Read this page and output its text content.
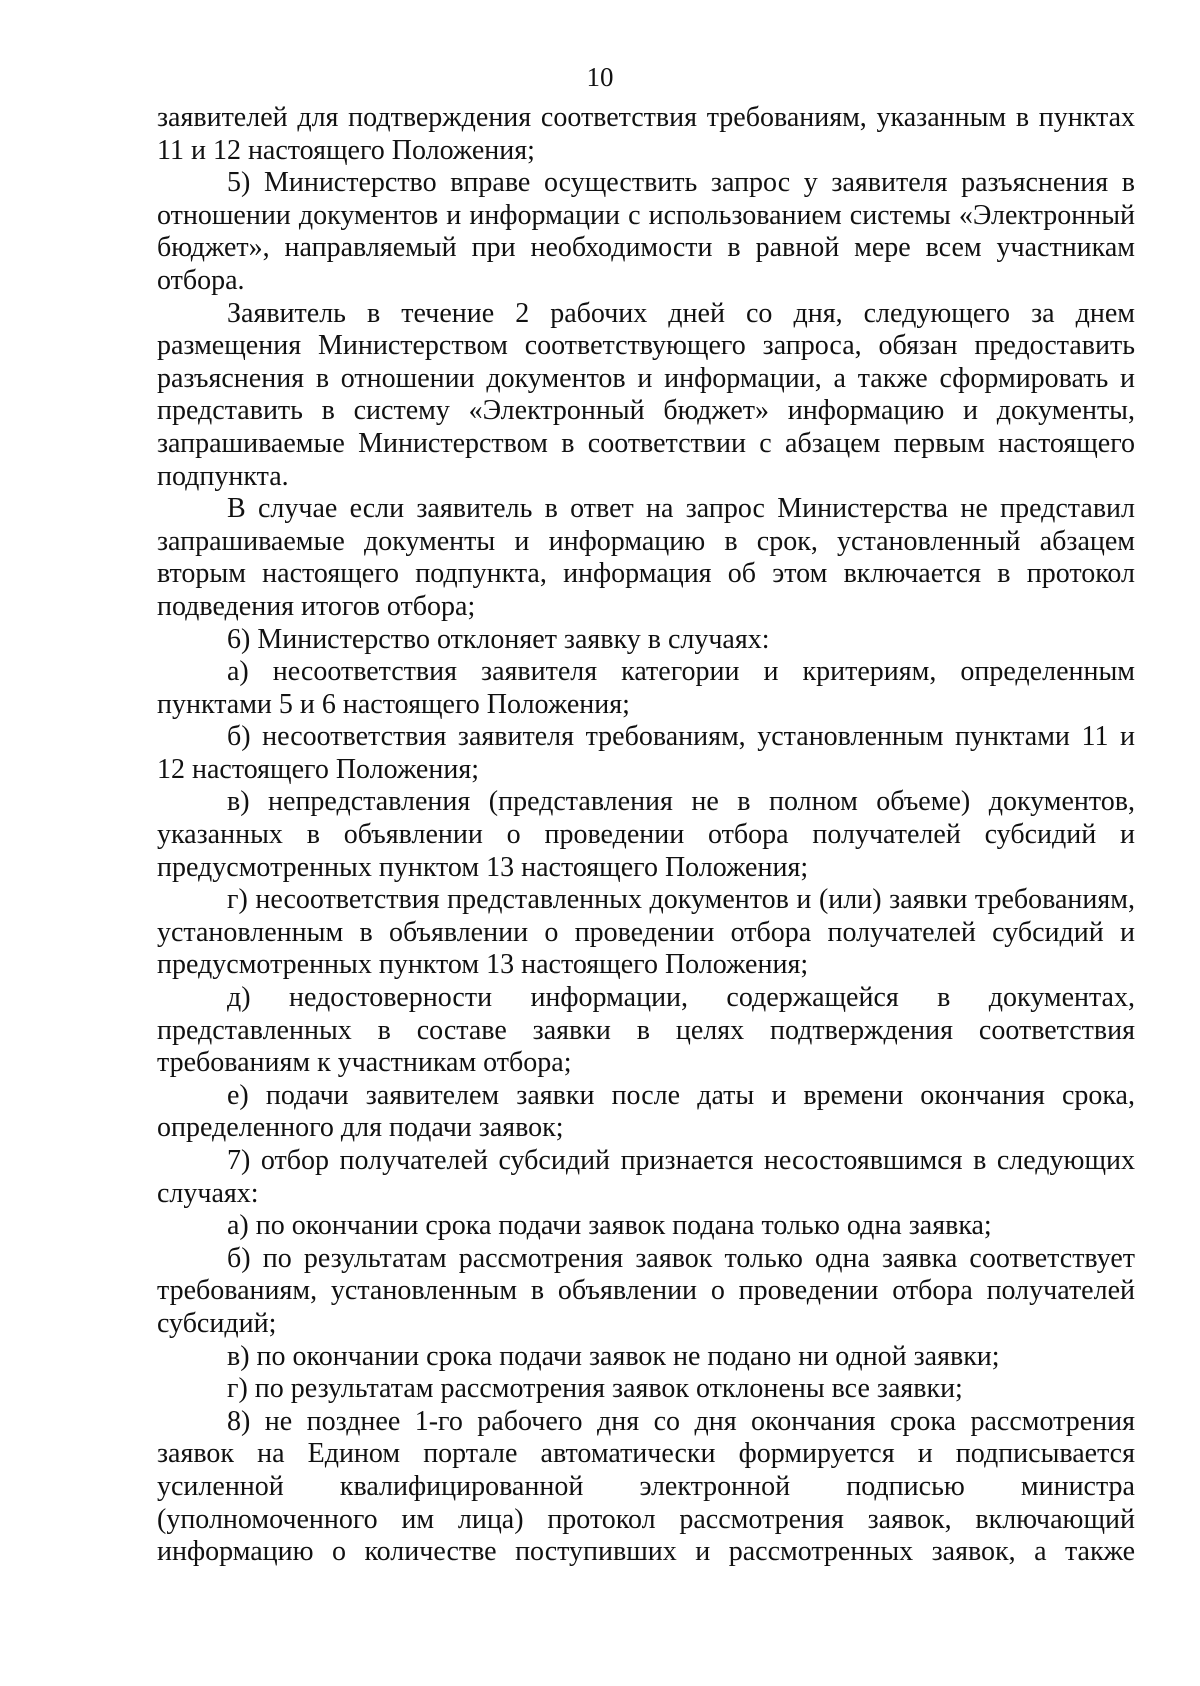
10

заявителей для подтверждения соответствия требованиям, указанным в пунктах 11 и 12 настоящего Положения;

5) Министерство вправе осуществить запрос у заявителя разъяснения в отношении документов и информации с использованием системы «Электронный бюджет», направляемый при необходимости в равной мере всем участникам отбора.

Заявитель в течение 2 рабочих дней со дня, следующего за днем размещения Министерством соответствующего запроса, обязан предоставить разъяснения в отношении документов и информации, а также сформировать и представить в систему «Электронный бюджет» информацию и документы, запрашиваемые Министерством в соответствии с абзацем первым настоящего подпункта.

В случае если заявитель в ответ на запрос Министерства не представил запрашиваемые документы и информацию в срок, установленный абзацем вторым настоящего подпункта, информация об этом включается в протокол подведения итогов отбора;

6) Министерство отклоняет заявку в случаях:

а) несоответствия заявителя категории и критериям, определенным пунктами 5 и 6 настоящего Положения;

б) несоответствия заявителя требованиям, установленным пунктами 11 и 12 настоящего Положения;

в) непредставления (представления не в полном объеме) документов, указанных в объявлении о проведении отбора получателей субсидий и предусмотренных пунктом 13 настоящего Положения;

г) несоответствия представленных документов и (или) заявки требованиям, установленным в объявлении о проведении отбора получателей субсидий и предусмотренных пунктом 13 настоящего Положения;

д) недостоверности информации, содержащейся в документах, представленных в составе заявки в целях подтверждения соответствия требованиям к участникам отбора;

е) подачи заявителем заявки после даты и времени окончания срока, определенного для подачи заявок;

7) отбор получателей субсидий признается несостоявшимся в следующих случаях:

а) по окончании срока подачи заявок подана только одна заявка;

б) по результатам рассмотрения заявок только одна заявка соответствует требованиям, установленным в объявлении о проведении отбора получателей субсидий;

в) по окончании срока подачи заявок не подано ни одной заявки;

г) по результатам рассмотрения заявок отклонены все заявки;

8) не позднее 1-го рабочего дня со дня окончания срока рассмотрения заявок на Едином портале автоматически формируется и подписывается усиленной квалифицированной электронной подписью министра (уполномоченного им лица) протокол рассмотрения заявок, включающий информацию о количестве поступивших и рассмотренных заявок, а также
